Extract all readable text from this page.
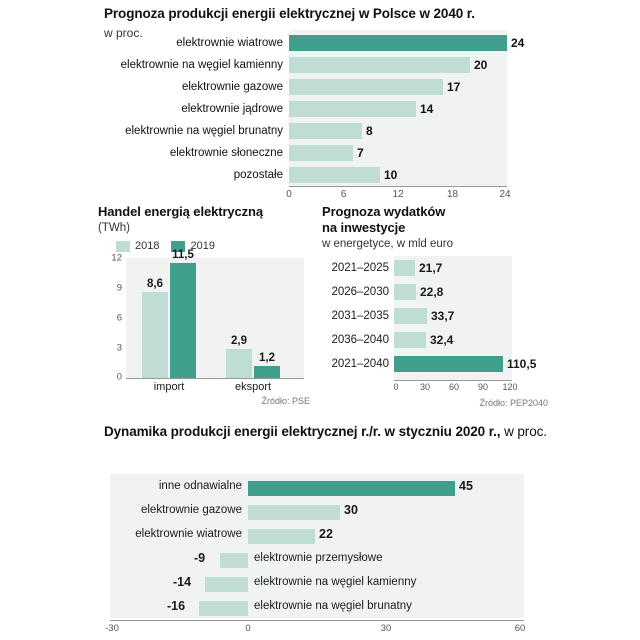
Prognoza produkcji energii elektrycznej w Polsce w 2040 r.
w proc.
elektrownie wiatrowe	24
elektrownie na węgiel kamienny	20
elektrownie gazowe	17
elektrownie jądrowe	14
elektrownie na węgiel brunatny	8
elektrownie słoneczne	7
pozostałe	10
0	6	12	18	24
Handel energią elektryczną
(TWh)
2018	2019
12
9
6
3
0
8,6
11,5
2,9
1,2
import	eksport
Źródło: PSE
Prognoza wydatków
na inwestycje
w energetyce, w mld euro
2021–2025	21,7
2026–2030	22,8
2031–2035	33,7
2036–2040	32,4
2021–2040	110,5
0 30 60 90 120
Źródło: PEP2040
Dynamika produkcji energii elektrycznej r./r. w styczniu 2020 r., w proc.
inne odnawialne	45
elektrownie gazowe	30
elektrownie wiatrowe	22
-9	elektrownie przemysłowe
-14	elektrownie na węgiel kamienny
-16	elektrownie na węgiel brunatny
-30	0	30	60
